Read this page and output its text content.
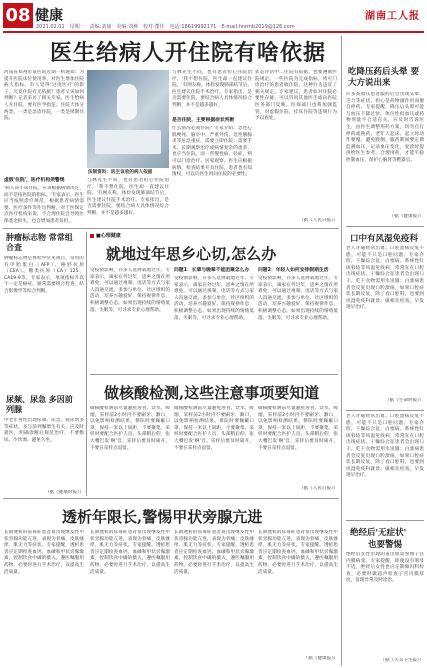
08 健康
2021.02.01　星期一　责编:刘丽　美编:刘燕　校对:董佳　电话:18619992171　E-mail:hnrmb2019@126.com
湖南工人报
医生给病人开住院有啥依据
河南省郑州市某医院近期一则通知：为提升医院床位使用率，对医生增加住院病人指标。有人觉得'过度医疗'的影子。究竟住院有无依据？患者又该如何判断？记者采访了相关专家。医生给病人开住院，要有医学指征。住院大体分两类，一类是急诊住院，一类是择期住院。
虚假'住院'，医疗机构须警惕
'病人该不该住院，应该根据病情决定，而不是按医院的指标。'专家表示，医生应当按照诊疗规范，根据患者病情需要、医疗条件等作出判断。对于医保定点医疗机构来说，不合理住院会导致医保基金损失，也会增加患者负担。
法制资料：医生该收的病人依据
与林先生不同，也有患者担心住院治疗。'我不想住院，医生却一直建议住院。'有网友称，体检发现肺部结节后，医生建议住院手术治疗。专家指出，是否需要住院，要结合病人具体情况综合判断，并不是越多越好。
与林先生不同，也有患者担心住院治疗。'我不想住院，医生却一直建议住院。'有网友称，体检发现肺部结节后，医生建议住院手术治疗。专家指出，是否需要住院，要结合病人具体情况综合判断，并不是越多越好。
是否住院，主要根据症状判断
什么情况必须住院？专家介绍，急性心肌梗死、脑卒中、严重外伤、急性胰腺炎等危急重症，需要立即住院；需要手术、长期观察治疗或病情复杂的患者，也应当住院。而一些慢性病、轻症，则可以门诊治疗、居家观察。医生应根据病情、检查结果开具住院，患者也有知情权，可以向医生询问住院的必要性。
状态评估中…住院有依据，也要遵循医院规定。一些医院为完成指标，将可门诊治疗的患者收住院，这种行为违反了相关规定。专家建议，患者如对住院必要性存疑，可以咨询其他医生或向医院医务部门反映。医保部门也将加强监管，对虚假住院、挂床住院等违规行为予以查处。
（据《人民日报》）
吃降压药后头晕 要大方说出来
许多高血压患者服药后会出现头晕、乏力等症状，担心是药物副作用而擅自停药。专家提醒，降压后头晕可能与血压下降过快、体位性低血压或药物剂量不合适有关，应及时告诉医生，由医生调整用药方案，切勿自行停药或换药。老年人起床、起立时动作要慢，避免跌倒。服药期间要定期监测血压，记录血压变化，复诊时提供给医生参考。合理用药，才能平稳控制血压，保护心脑肾等靶器官。
（据《健康报》）
口中有风湿免疫科
老人牙龈经常出血、口腔溃疡反复不愈，可能不只是口腔问题。专家介绍，干燥综合征、白塞病、系统性红斑狼疮等风湿免疫病，常常先在口腔出现症状。干燥综合征患者会出现口干、吃干食物需用水送服；白塞病患者会反复出现口腔溃疡。如果口腔症状长期反复，除了看口腔科，也要到风湿免疫科就诊，做相关检查，早发现早治疗。
（据《生命时报》）
老人牙龈经常出血、口腔溃疡反复不愈，可能不只是口腔问题。专家介绍，干燥综合征、白塞病、系统性红斑狼疮等风湿免疫病，常常先在口腔出现症状。干燥综合征患者会出现口干、吃干食物需用水送服；白塞病患者会反复出现口腔溃疡。如果口腔症状长期反复，除了看口腔科，也要到风湿免疫科就诊，做相关检查，早发现早治疗。
绝经后'无症状'
也要警惕
绝经后女性出现阴道出血需警惕子宫内膜病变。专家提醒，即使没有明显不适，绝经后女性也应定期做妇科检查，必要时做超声检查子宫内膜厚度，发现异常及时诊治。
（据《大众卫生报》）
肿瘤标志物 常常组合查
肿瘤标志物是体检中常见项目，常用的有甲胎蛋白（AFP）、癌胚抗原（CEA）、糖类抗原（CA）125、CA19-9等。专家表示，单项指标升高不一定是癌症，通常需要组合检查，结合影像学等综合判断。
尿频、尿急 多因前列腺
中老年男性出现尿频、尿急、夜尿增多等症状，多与前列腺增生有关。应及时就医，明确诊断后规范治疗，不要憋尿、少饮酒、避免久坐。
（据《健康时报》）
■心理健康
就地过年思乡心切,怎么办
受疫情影响，许多人选择就地过年。专家表示，离家在外过年，思乡之情在所难免，可以通过视频、电话等方式与家人沟通交流，多参与单位、社区组织的活动，培养兴趣爱好，保持规律作息，积极调整心态。如果出现持续的情绪低落、失眠等，可寻求专业心理帮助。
问题1：长辈与晚辈不能团聚怎么办
受疫情影响，许多人选择就地过年。专家表示，离家在外过年，思乡之情在所难免，可以通过视频、电话等方式与家人沟通交流，多参与单位、社区组织的活动，培养兴趣爱好，保持规律作息，积极调整心态。如果出现持续的情绪低落、失眠等，可寻求专业心理帮助。
问题2：年轻人如何安排假期生活
受疫情影响，许多人选择就地过年。专家表示，离家在外过年，思乡之情在所难免，可以通过视频、电话等方式与家人沟通交流，多参与单位、社区组织的活动，培养兴趣爱好，保持规律作息，积极调整心态。如果出现持续的情绪低落、失眠等，可寻求专业心理帮助。
做核酸检测,这些注意事项要知道
做核酸检测前尽量避免进食、饮水、吸烟，采样前2小时内不要刷牙、漱口，以免影响检测结果。排队时要佩戴口罩，保持一米以上间距，不要聚集。采样时要配合医护人员，头部稍后仰，张大嘴巴发'啊'音。采样后要及时离开，不要在采样点逗留。
做核酸检测前尽量避免进食、饮水、吸烟，采样前2小时内不要刷牙、漱口，以免影响检测结果。排队时要佩戴口罩，保持一米以上间距，不要聚集。采样时要配合医护人员，头部稍后仰，张大嘴巴发'啊'音。采样后要及时离开，不要在采样点逗留。
做核酸检测前尽量避免进食、饮水、吸烟，采样前2小时内不要刷牙、漱口，以免影响检测结果。排队时要佩戴口罩，保持一米以上间距，不要聚集。采样时要配合医护人员，头部稍后仰，张大嘴巴发'啊'音。采样后要及时离开，不要在采样点逗留。
（据《人民日报》）
透析年限长,警惕甲状旁腺亢进
长期透析的尿毒症患者易出现继发性甲状旁腺功能亢进，表现为骨痛、皮肤瘙痒、肌无力等症状。专家提醒，透析患者应定期检查血钙、血磷和甲状旁腺激素，控制饮食中磷的摄入，遵医嘱服用药物，必要时进行手术治疗，以提高生活质量。
长期透析的尿毒症患者易出现继发性甲状旁腺功能亢进，表现为骨痛、皮肤瘙痒、肌无力等症状。专家提醒，透析患者应定期检查血钙、血磷和甲状旁腺激素，控制饮食中磷的摄入，遵医嘱服用药物，必要时进行手术治疗，以提高生活质量。
长期透析的尿毒症患者易出现继发性甲状旁腺功能亢进，表现为骨痛、皮肤瘙痒、肌无力等症状。专家提醒，透析患者应定期检查血钙、血磷和甲状旁腺激素，控制饮食中磷的摄入，遵医嘱服用药物，必要时进行手术治疗，以提高生活质量。
长期透析的尿毒症患者易出现继发性甲状旁腺功能亢进，表现为骨痛、皮肤瘙痒、肌无力等症状。专家提醒，透析患者应定期检查血钙、血磷和甲状旁腺激素，控制饮食中磷的摄入，遵医嘱服用药物，必要时进行手术治疗，以提高生活质量。
（据《健康报》）
